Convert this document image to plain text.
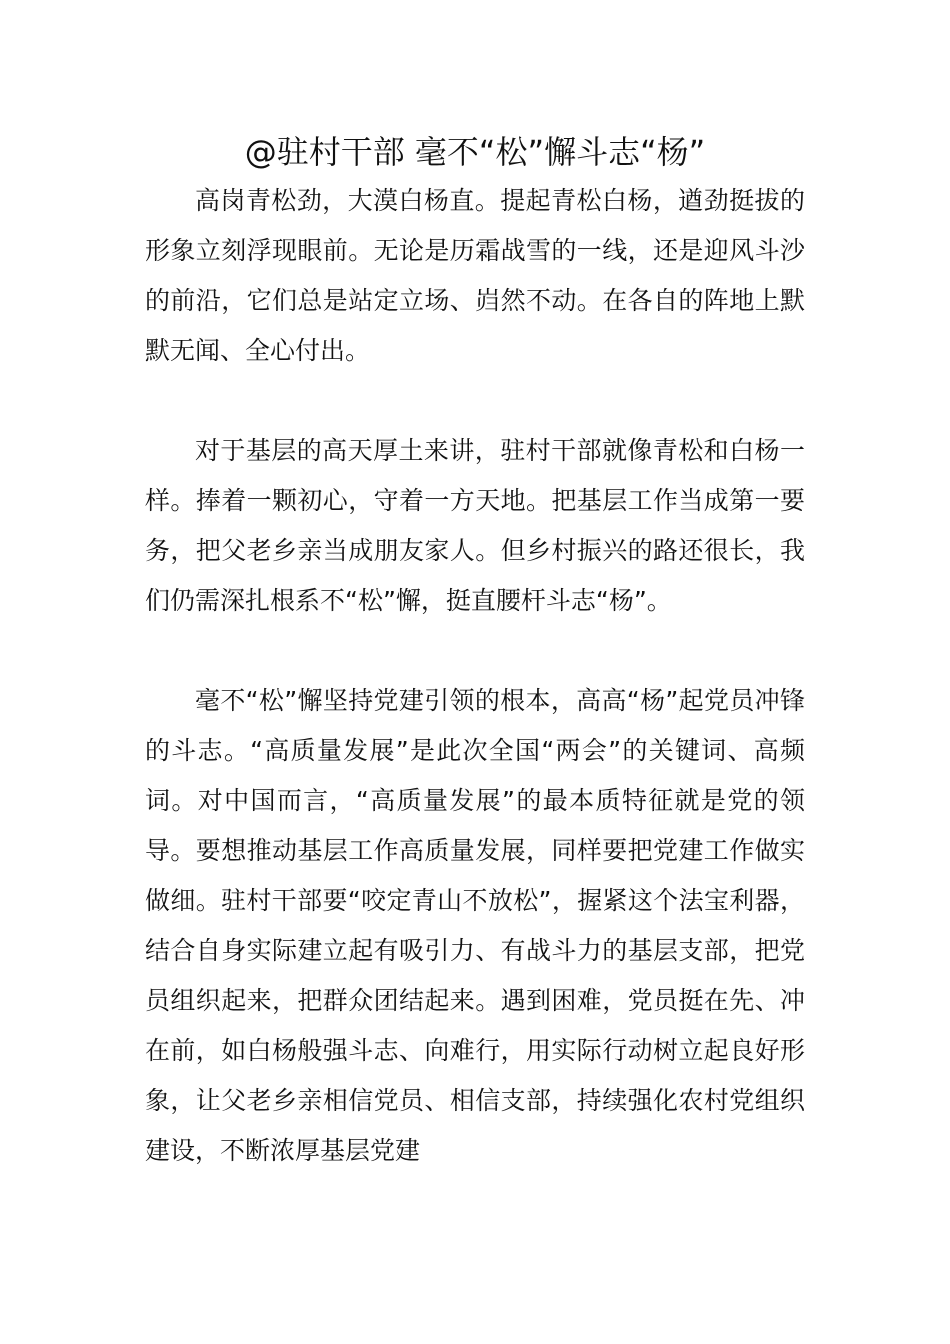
@驻村干部 毫不“松”懈斗志“杨”

高岗青松劲，大漠白杨直。提起青松白杨，遒劲挺拔的形象立刻浮现眼前。无论是历霜战雪的一线，还是迎风斗沙的前沿，它们总是站定立场、岿然不动。在各自的阵地上默默无闻、全心付出。

对于基层的高天厚土来讲，驻村干部就像青松和白杨一样。捧着一颗初心，守着一方天地。把基层工作当成第一要务，把父老乡亲当成朋友家人。但乡村振兴的路还很长，我们仍需深扎根系不“松”懈，挺直腰杆斗志“杨”。

毫不“松”懈坚持党建引领的根本，高高“杨”起党员冲锋的斗志。“高质量发展”是此次全国“两会”的关键词、高频词。对中国而言，“高质量发展”的最本质特征就是党的领导。要想推动基层工作高质量发展，同样要把党建工作做实做细。驻村干部要“咬定青山不放松”，握紧这个法宝利器，结合自身实际建立起有吸引力、有战斗力的基层支部，把党员组织起来，把群众团结起来。遇到困难，党员挺在先、冲在前，如白杨般强斗志、向难行，用实际行动树立起良好形象，让父老乡亲相信党员、相信支部，持续强化农村党组织建设，不断浓厚基层党建
